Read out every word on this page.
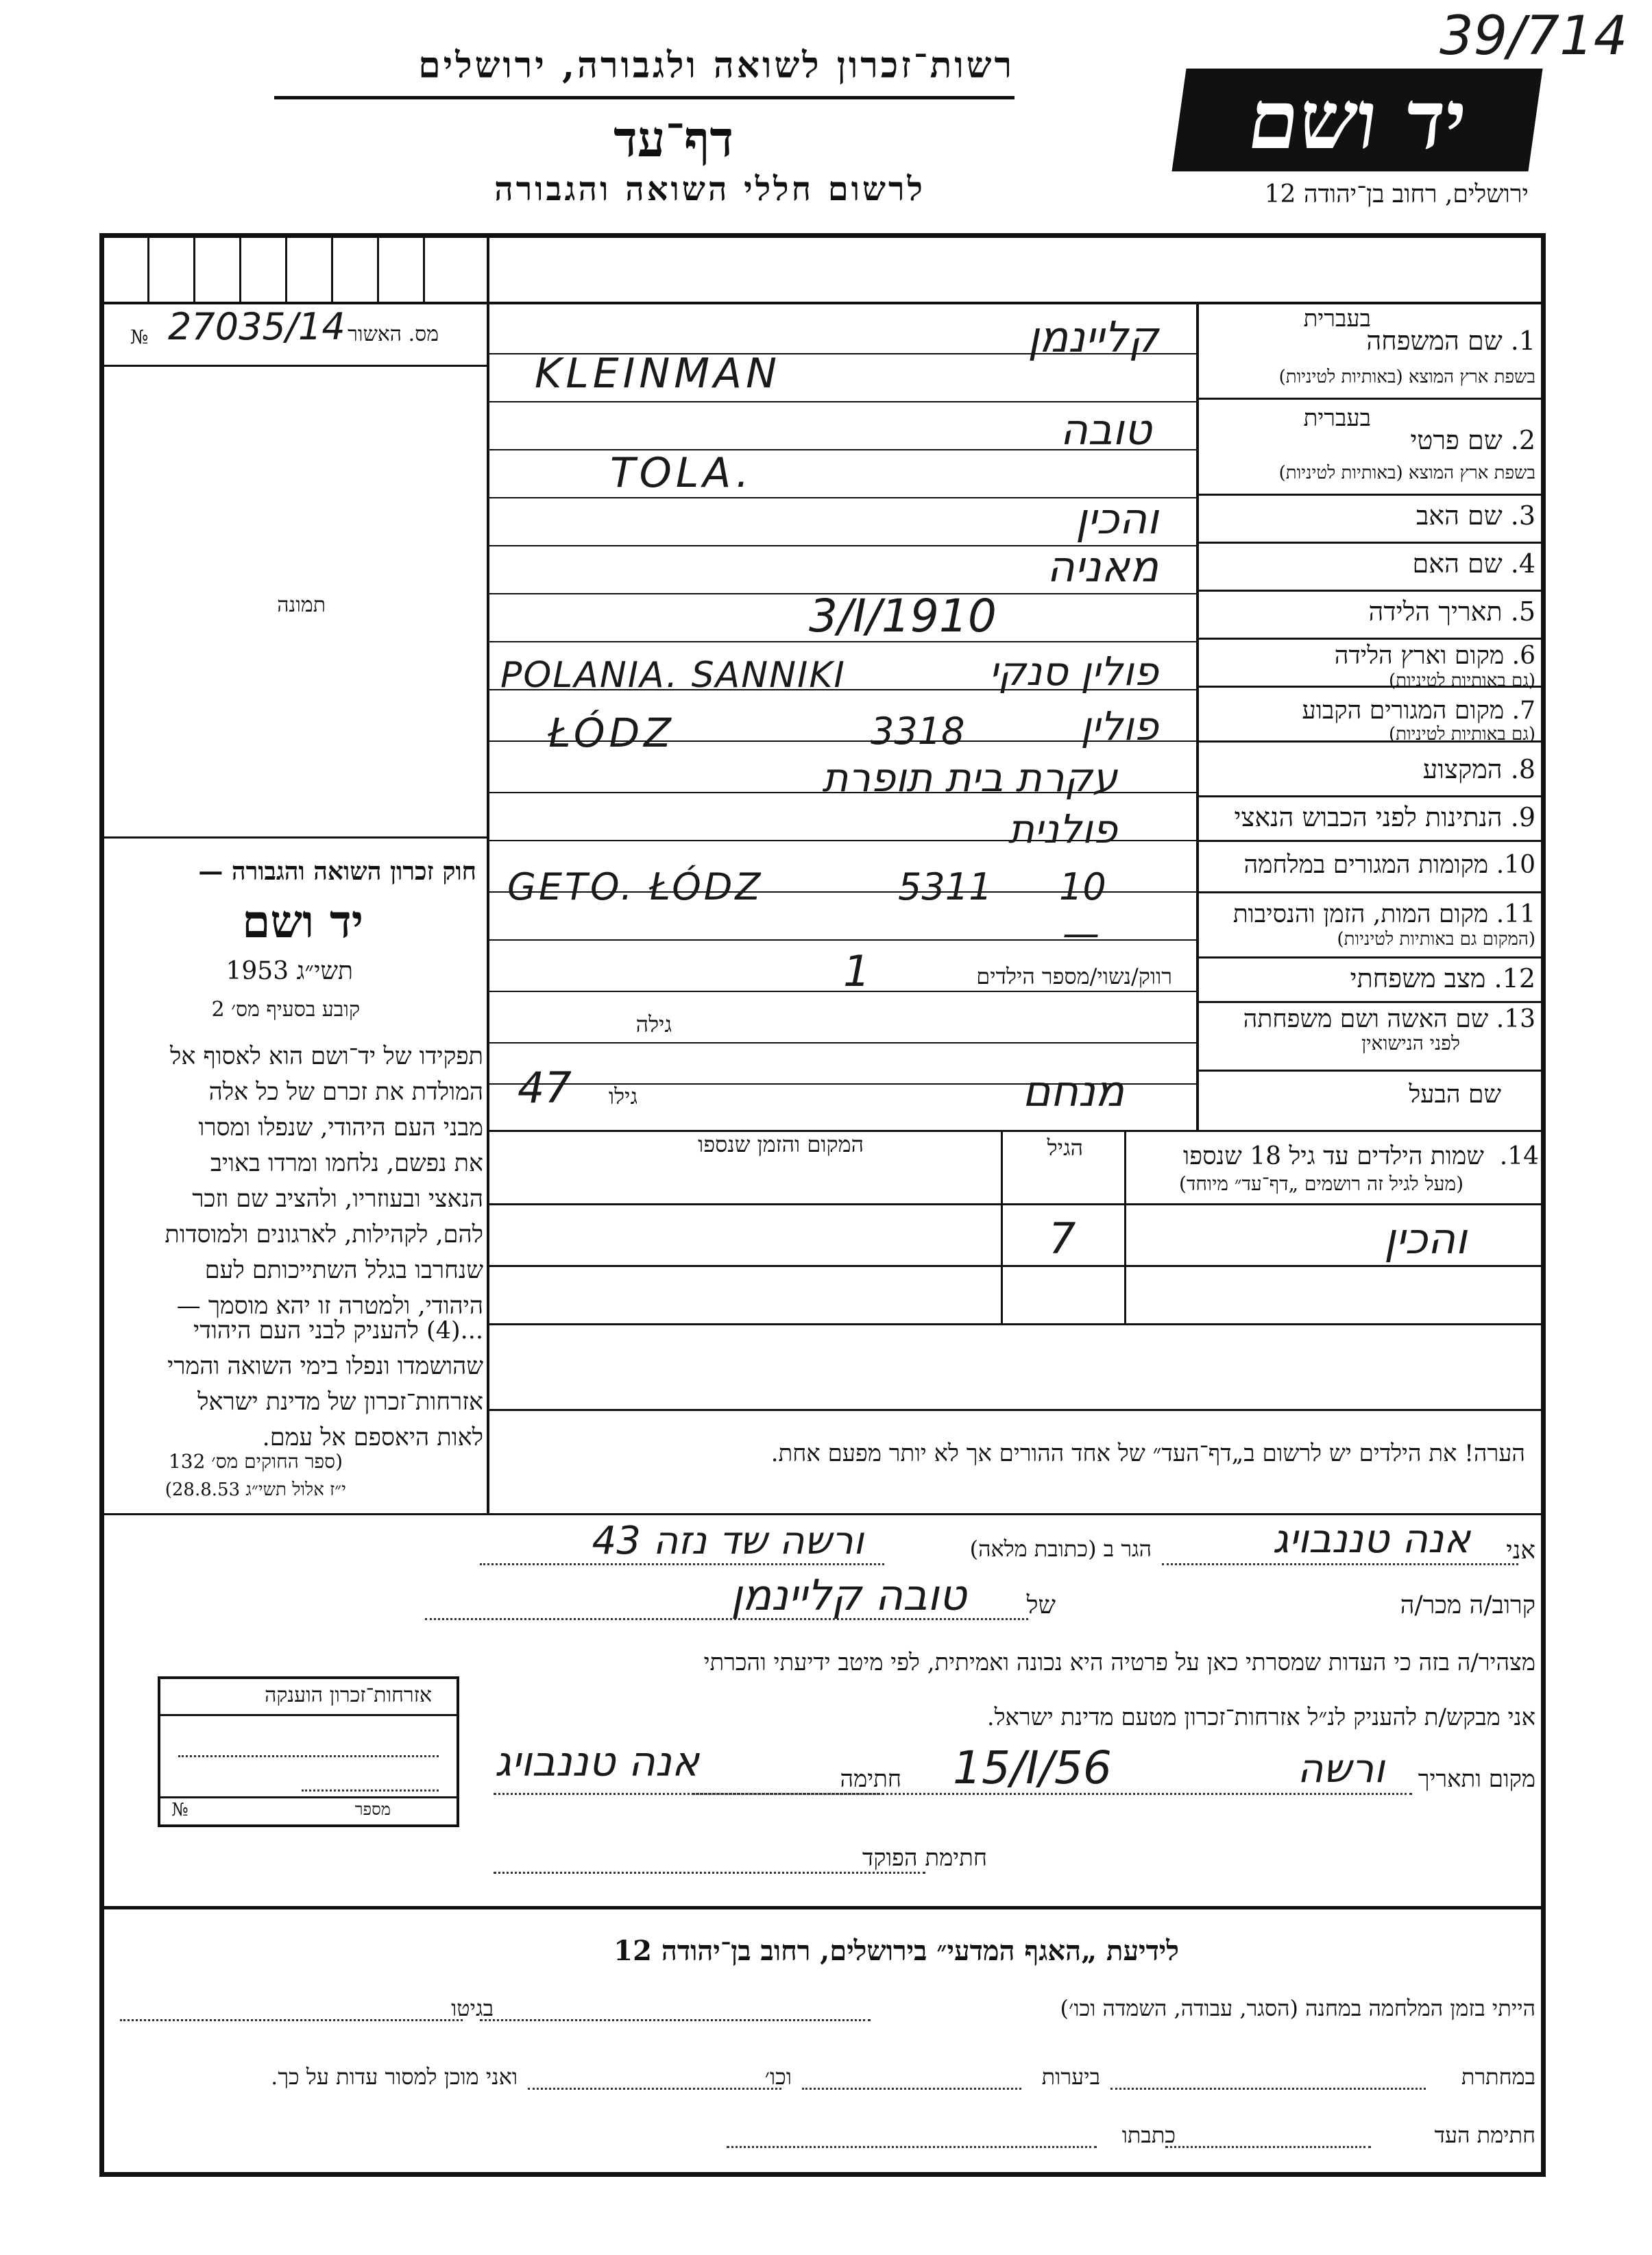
39/714
רשות־זכרון לשואה ולגבורה, ירושלים
דף־עד
לרשום חללי השואה והגבורה
יד ושם
ירושלים, רחוב בן־יהודה 12
מס. האשור
№ 27035/14
תמונה
חוק זכרון השואה והגבורה —
יד ושם
תשי״ג 1953
קובע בסעיף מס׳ 2
תפקידו של יד־ושם הוא לאסוף אל
המולדת את זכרם של כל אלה
מבני העם היהודי, שנפלו ומסרו
את נפשם, נלחמו ומרדו באויב
הנאצי ובעוזריו, ולהציב שם וזכר
להם, לקהילות, לארגונים ולמוסדות
שנחרבו בגלל השתייכותם לעם
היהודי, ולמטרה זו יהא מוסמך —
...(4) להעניק לבני העם היהודי
שהושמדו ונפלו בימי השואה והמרי
אזרחות־זכרון של מדינת ישראל
לאות היאספם אל עמם.
(ספר החוקים מס׳ 132
י״ז אלול תשי״ג 28.8.53)
1. שם המשפחה
בעברית
בשפת ארץ המוצא (באותיות לטיניות)
קליינמן
KLEINMAN
2. שם פרטי
בעברית
בשפת ארץ המוצא (באותיות לטיניות)
טובה
TOLA.
3. שם האב
והכין
4. שם האם
מאניה
5. תאריך הלידה
3/I/1910
6. מקום וארץ הלידה
(גם באותיות לטיניות)
פולין סנקי
POLANIA. SANNIKI
7. מקום המגורים הקבוע
(גם באותיות לטיניות)
פולין
3318
ŁÓDZ
8. המקצוע
עקרת בית תופרת
9. הנתינות לפני הכבוש הנאצי
פולנית
10. מקומות המגורים במלחמה
GETO. ŁÓDZ	5311 10
11. מקום המות, הזמן והנסיבות
(המקום גם באותיות לטיניות)
—
12. מצב משפחתי
רווק/נשוי/מספר הילדים
1
13. שם האשה ושם משפחתה
לפני הנישואין
גילה
שם הבעל
גילו
47	מנחם
14.  שמות הילדים עד גיל 18 שנספו
(מעל לגיל זה רושמים „דף־עד״ מיוחד)
הגיל
המקום והזמן שנספו
והכין
7
הערה! את הילדים יש לרשום ב„דף־העד״ של אחד ההורים אך לא יותר מפעם אחת.
אני
אנה טננבויג
הגר ב (כתובת מלאה)
ורשה שד נזה 43
קרוב/ה מכר/ה
של
טובה קליינמן
מצהיר/ה בזה כי העדות שמסרתי כאן על פרטיה היא נכונה ואמיתית, לפי מיטב ידיעתי והכרתי
אני מבקש/ת להעניק לנ״ל אזרחות־זכרון מטעם מדינת ישראל.
מקום ותאריך
ורשה
15/I/56
חתימה
אנה טננבויג
חתימת הפוקד
אזרחות־זכרון הוענקה
מספר
№
לידיעת „האגף המדעי״ בירושלים, רחוב בן־יהודה 12
הייתי בזמן המלחמה במחנה (הסגר, עבודה, השמדה וכו׳)
בגיטו
במחתרת
ביערות
וכו׳
ואני מוכן למסור עדות על כך.
חתימת העד
כתבתו
